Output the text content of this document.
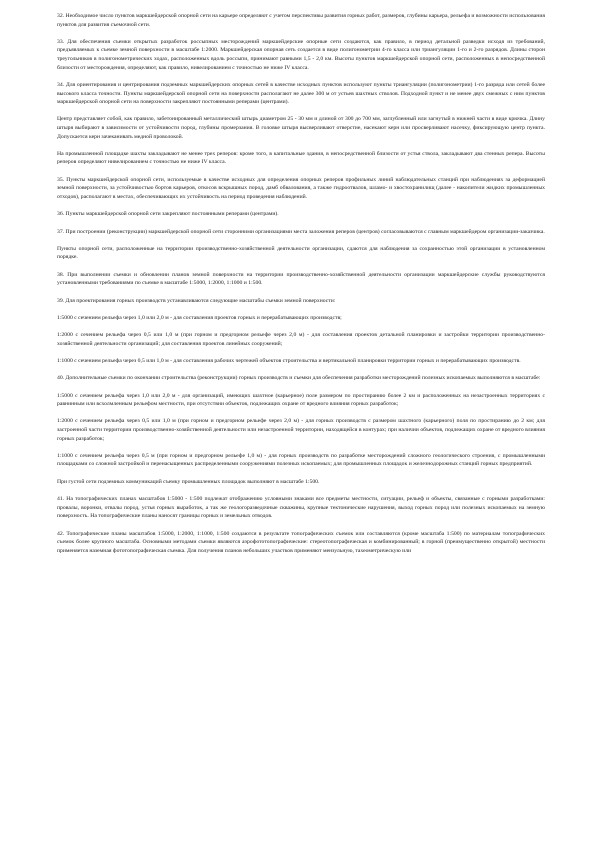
32. Необходимое число пунктов маркшейдерской опорной сети на карьере определяют с учетом перспективы развития горных работ, размеров, глубины карьера, рельефа и возможности использования пунктов для развития съемочной сети.

33. Для обеспечения съемки открытых разработок россыпных месторождений маркшейдерские опорные сети создаются, как правило, в период детальной разведки исходя из требований, предъявляемых к съемке земной поверхности в масштабе 1:2000. Маркшейдерская опорная сеть создается в виде полигонометрии 4-го класса или триангуляции 1-го и 2-го разрядов. Длины сторон треугольников в полигонометрических ходах, расположенных вдоль россыпи, принимают равными 1,5 - 2,0 км. Высоты пунктов маркшейдерской опорной сети, расположенных в непосредственной близости от месторождения, определяют, как правило, нивелированием с точностью не ниже IV класса.

34. Для ориентирования и центрирования подземных маркшейдерских опорных сетей в качестве исходных пунктов используют пункты триангуляции (полигонометрии) 1-го разряда или сетей более высокого класса точности. Пункты маркшейдерской опорной сети на поверхности располагают не далее 300 м от устьев шахтных стволов. Подходной пункт и не менее двух смежных с ним пунктов маркшейдерской опорной сети на поверхности закрепляют постоянными реперами (центрами).

Центр представляет собой, как правило, забетонированный металлический штырь диаметром 25 - 30 мм и длиной от 300 до 700 мм, заглубленный или загнутый в нижней части в виде крючка. Длину штыря выбирают в зависимости от устойчивости пород, глубины промерзания. В головке штыря высверливают отверстие, насекают керн или просверливают насечку, фиксирующую центр пункта. Допускается керн зачеканивать медной проволокой.

На промышленной площадке шахты закладывают не менее трех реперов: кроме того, в капитальные здания, в непосредственной близости от устья ствола, закладывают два стенных репера. Высоты реперов определяют нивелированием с точностью не ниже IV класса.

35. Пункты маркшейдерской опорной сети, используемые в качестве исходных для определения опорных реперов профильных линий наблюдательных станций при наблюдениях за деформацией земной поверхности, за устойчивостью бортов карьеров, откосов вскрышных пород, дамб обвалования, а также гидроотвалов, шламо- и хвостохранилищ (далее - накопители жидких промышленных отходов), располагают в местах, обеспечивающих их устойчивость на период проведения наблюдений.

36. Пункты маркшейдерской опорной сети закрепляют постоянными реперами (центрами).

37. При построении (реконструкции) маркшейдерской опорной сети сторонними организациями места заложения реперов (центров) согласовываются с главным маркшейдером организации-заказчика.

Пункты опорной сети, расположенные на территории производственно-хозяйственной деятельности организации, сдаются для наблюдения за сохранностью этой организации в установленном порядке.

38. При выполнении съемки и обновлении планов земной поверхности на территории производственно-хозяйственной деятельности организации маркшейдерские службы руководствуются установленными требованиями по съемке в масштабе 1:5000, 1:2000, 1:1000 и 1:500.

39. Для проектирования горных производств устанавливаются следующие масштабы съемки земной поверхности:

1:5000 с сечением рельефа через 1,0 или 2,0 м - для составления проектов горных и перерабатывающих производств;

1:2000 с сечением рельефа через 0,5 или 1,0 м (при горном и предгорном рельефе через 2,0 м) - для составления проектов детальной планировки и застройки территории производственно-хозяйственной деятельности организаций; для составления проектов линейных сооружений;

1:1000 с сечением рельефа через 0,5 или 1,0 м - для составления рабочих чертежей объектов строительства и вертикальной планировки территории горных и перерабатывающих производств.

40. Дополнительные съемки по окончании строительства (реконструкции) горных производств и съемки для обеспечения разработки месторождений полезных ископаемых выполняются в масштабе:

1:5000 с сечением рельефа через 1,0 или 2,0 м - для организаций, имеющих шахтное (карьерное) поле размером по простиранию более 2 км и расположенных на незастроенных территориях с равнинным или всхолмленным рельефом местности, при отсутствии объектов, подлежащих охране от вредного влияния горных разработок;

1:2000 с сечением рельефа через 0,5 или 1,0 м (при горном и предгорном рельефе через 2,0 м) - для горных производств с размером шахтного (карьерного) поля по простиранию до 2 км; для застроенной части территории производственно-хозяйственной деятельности или незастроенной территории, находящейся в контурах; при наличии объектов, подлежащих охране от вредного влияния горных разработок;

1:1000 с сечением рельефа через 0,5 м (при горном и предгорном рельефе 1,0 м) - для горных производств по разработке месторождений сложного геологического строения, с промышленными площадками со сложной застройкой и перенасыщенных распределенными сооружениями полезных ископаемых; для промышленных площадок и железнодорожных станций горных предприятий.

При густой сети подземных коммуникаций съемку промышленных площадок выполняют в масштабе 1:500.

41. На топографических планах масштабов 1:5000 - 1:500 подлежат отображению условными знаками все предметы местности, ситуации, рельеф и объекты, связанные с горными разработками: провалы, воронки, отвалы пород, устья горных выработок, а так же геологоразведочные скважины, крупные тектонические нарушения, выход горных пород или полезных ископаемых на земную поверхность. На топографические планы наносят границы горных и земельных отводов.

42. Топографические планы масштабов 1:5000, 1:2000, 1:1000, 1:500 создаются в результате топографических съемок или составляются (кроме масштаба 1:500) по материалам топографических съемок более крупного масштаба. Основными методами съемки являются аэрофототопографические: стереотопографическая и комбинированный; в горной (преимущественно открытой) местности применяется наземная фототопографическая съемка. Для получения планов небольших участков применяют мензульную, тахеометрическую или
